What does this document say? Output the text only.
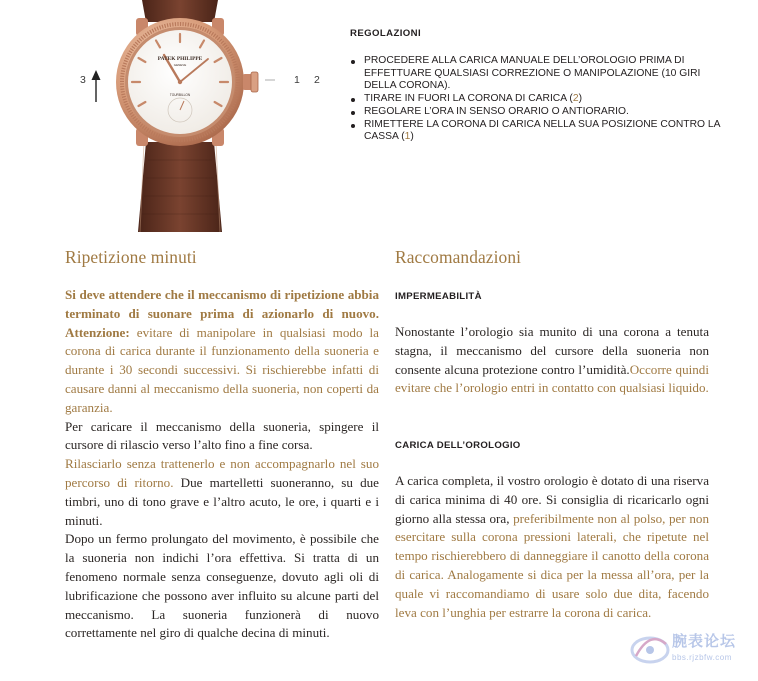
PATEK PHILIPPE
GENEVE
TOURBILLON
3	1 2
REGOLAZIONI
PROCEDERE ALLA CARICA MANUALE DELL’OROLOGIO PRIMA DI EFFETTUARE QUALSIASI CORREZIONE O MANIPOLAZIONE (10 GIRI DELLA CORONA).
TIRARE IN FUORI LA CORONA DI CARICA (2)
REGOLARE L’ORA IN SENSO ORARIO O ANTIORARIO.
RIMETTERE LA CORONA DI CARICA NELLA SUA POSIZIONE CONTRO LA CASSA (1)
Ripetizione minuti

Si deve attendere che il meccanismo di ripetizione abbia terminato di suonare prima di azionarlo di nuovo. Attenzione: evitare di manipolare in qualsiasi modo la corona di carica durante il funzionamento della suoneria e durante i 30 secondi successivi. Si rischierebbe infatti di causare danni al meccanismo della suoneria, non coperti da garanzia.

Per caricare il meccanismo della suoneria, spingere il cursore di rilascio verso l’alto fino a fine corsa.

Rilasciarlo senza trattenerlo e non accompagnarlo nel suo percorso di ritorno. Due martelletti suoneranno, su due timbri, uno di tono grave e l’altro acuto, le ore, i quarti e i minuti.

Dopo un fermo prolungato del movimento, è possibile che la suoneria non indichi l’ora effettiva. Si tratta di un fenomeno normale senza conseguenze, dovuto agli oli di lubrificazione che possono aver influito su alcune parti del meccanismo. La suoneria funzionerà di nuovo correttamente nel giro di qualche decina di minuti.

Raccomandazioni
IMPERMEABILITÀ

Nonostante l’orologio sia munito di una corona a tenuta stagna, il meccanismo del cursore della suoneria non consente alcuna protezione contro l’umidità.Occorre quindi evitare che l’orologio entri in contatto con qualsiasi liquido.

CARICA DELL’OROLOGIO

A carica completa, il vostro orologio è dotato di una riserva di carica minima di 40 ore. Si consiglia di ricaricarlo ogni giorno alla stessa ora, preferibilmente non al polso, per non esercitare sulla corona pressioni laterali, che ripetute nel tempo rischierebbero di danneggiare il canotto della corona di carica. Analogamente si dica per la messa all’ora, per la quale vi raccomandiamo di usare solo due dita, facendo leva con l’unghia per estrarre la corona di carica.

腕表论坛
bbs.rjzbfw.com
